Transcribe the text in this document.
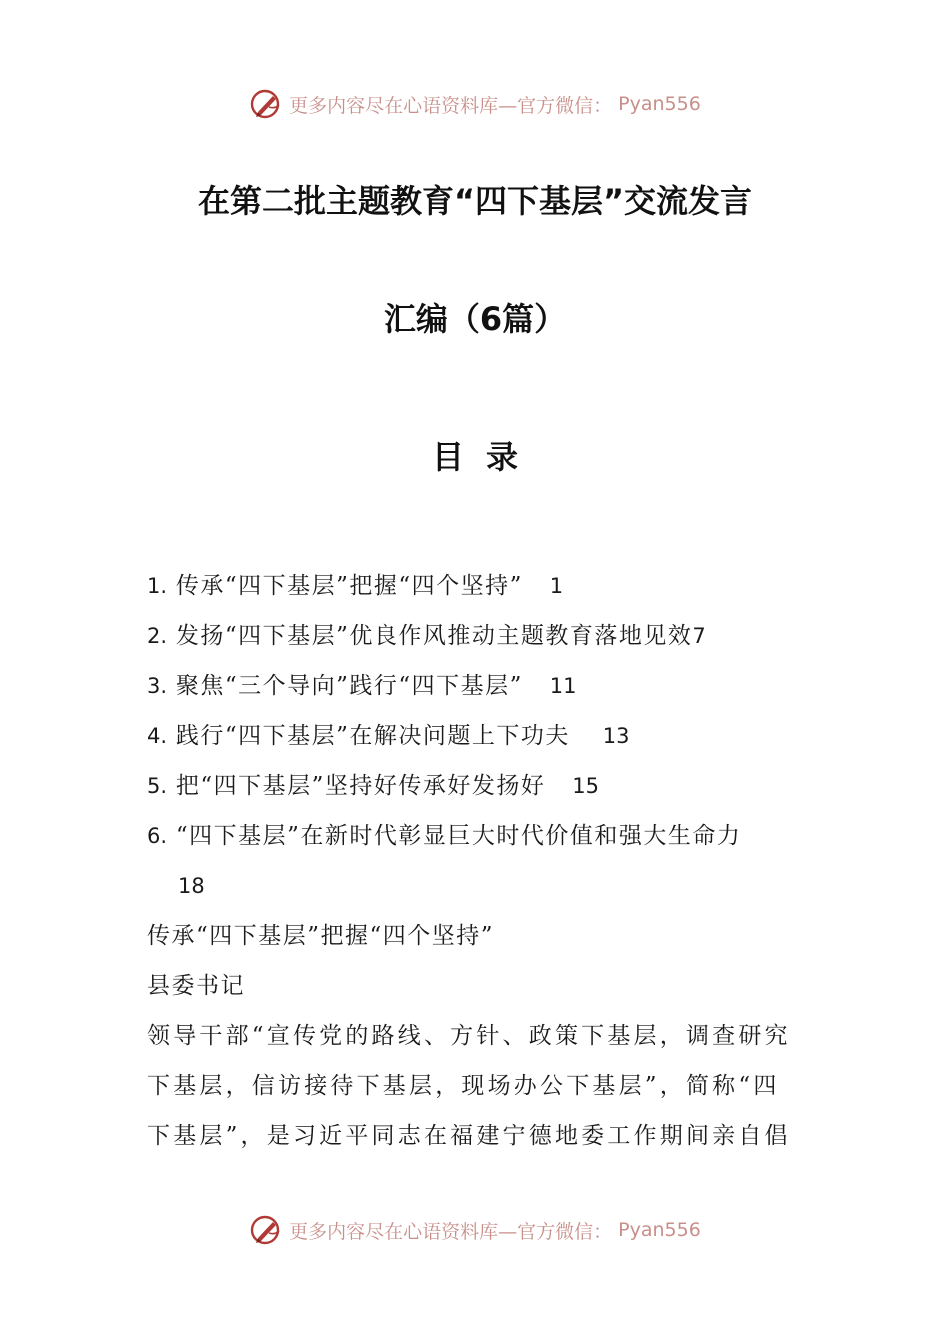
更多内容尽在心语资料库—官方微信： Pyan556
在第二批主题教育“四下基层”交流发言
汇编（6篇）
目录
1. 传承“四下基层”把握“四个坚持” 1
2. 发扬“四下基层”优良作风推动主题教育落地见效7
3. 聚焦“三个导向”践行“四下基层” 11
4. 践行“四下基层”在解决问题上下功夫 13
5. 把“四下基层”坚持好传承好发扬好 15
6. “四下基层”在新时代彰显巨大时代价值和强大生命力
18
传承“四下基层”把握“四个坚持”
县委书记
领导干部“宣传党的路线、方针、政策下基层，调查研究
下基层，信访接待下基层，现场办公下基层”，简称“四
下基层”，是习近平同志在福建宁德地委工作期间亲自倡
更多内容尽在心语资料库—官方微信： Pyan556
